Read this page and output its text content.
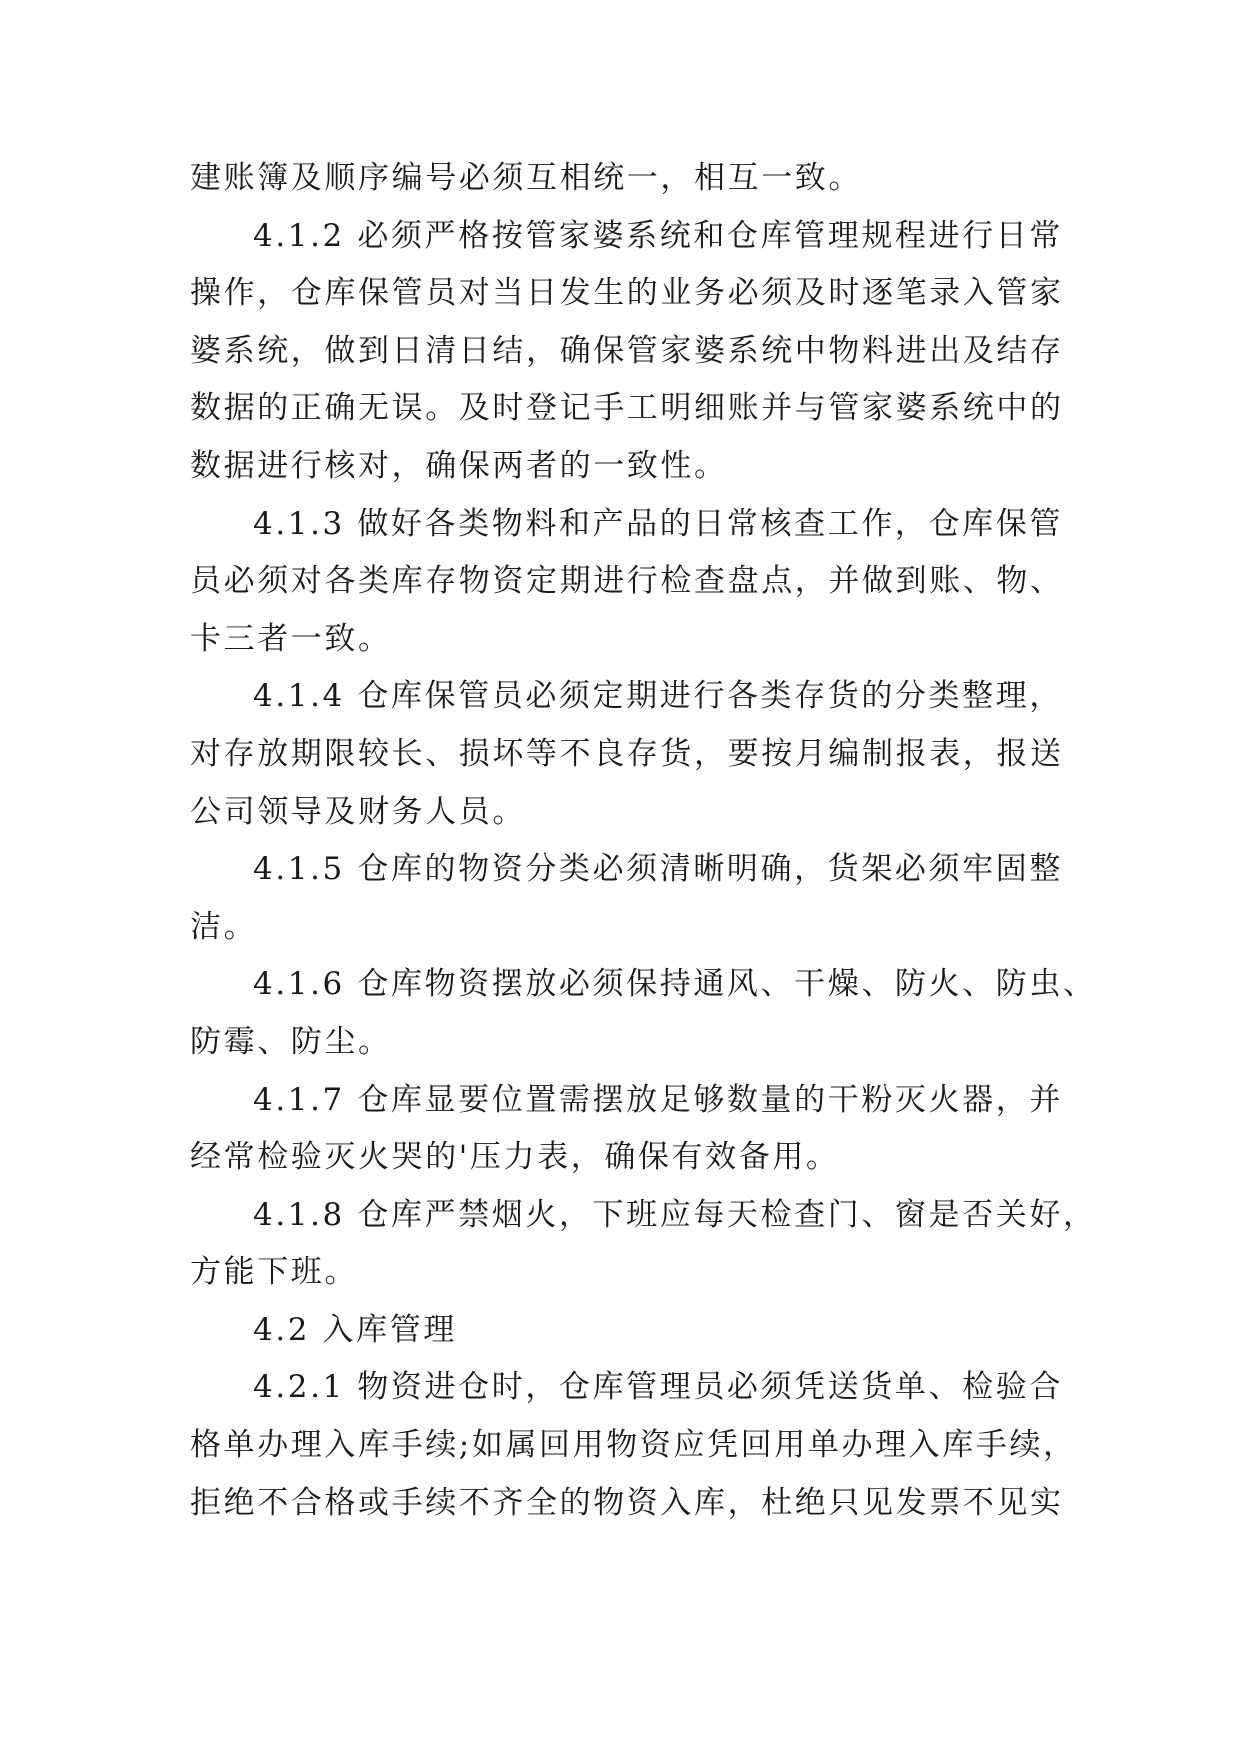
建账簿及顺序编号必须互相统一，相互一致。
4.1.2 必须严格按管家婆系统和仓库管理规程进行日常
操作，仓库保管员对当日发生的业务必须及时逐笔录入管家
婆系统，做到日清日结，确保管家婆系统中物料进出及结存
数据的正确无误。及时登记手工明细账并与管家婆系统中的
数据进行核对，确保两者的一致性。
4.1.3 做好各类物料和产品的日常核查工作，仓库保管
员必须对各类库存物资定期进行检查盘点，并做到账、物、
卡三者一致。
4.1.4 仓库保管员必须定期进行各类存货的分类整理，
对存放期限较长、损坏等不良存货，要按月编制报表，报送
公司领导及财务人员。
4.1.5 仓库的物资分类必须清晰明确，货架必须牢固整
洁。
4.1.6 仓库物资摆放必须保持通风、干燥、防火、防虫、
防霉、防尘。
4.1.7 仓库显要位置需摆放足够数量的干粉灭火器，并
经常检验灭火哭的'压力表，确保有效备用。
4.1.8 仓库严禁烟火，下班应每天检查门、窗是否关好，
方能下班。
4.2 入库管理
4.2.1 物资进仓时，仓库管理员必须凭送货单、检验合
格单办理入库手续;如属回用物资应凭回用单办理入库手续，
拒绝不合格或手续不齐全的物资入库，杜绝只见发票不见实
